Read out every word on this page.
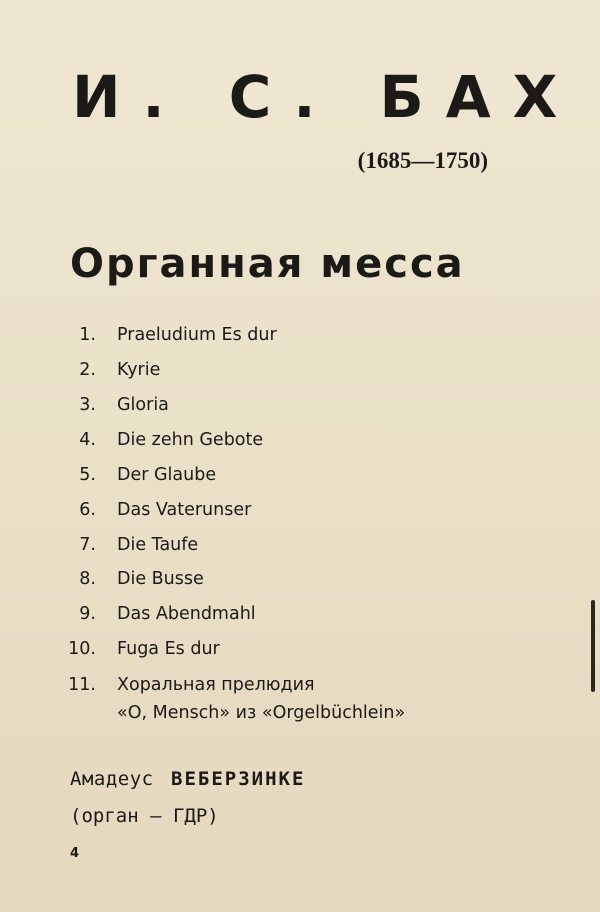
И. С. БАХ
(1685—1750)
Органная месса
1. Praeludium Es dur
2. Kyrie
3. Gloria
4. Die zehn Gebote
5. Der Glaube
6. Das Vaterunser
7. Die Taufe
8. Die Busse
9. Das Abendmahl
10. Fuga Es dur
11. Хоральная прелюдия
«О, Mensch» из «Orgelbüchlein»
Амадеус ВЕБЕРЗИНКЕ
(орган — ГДР)
4
